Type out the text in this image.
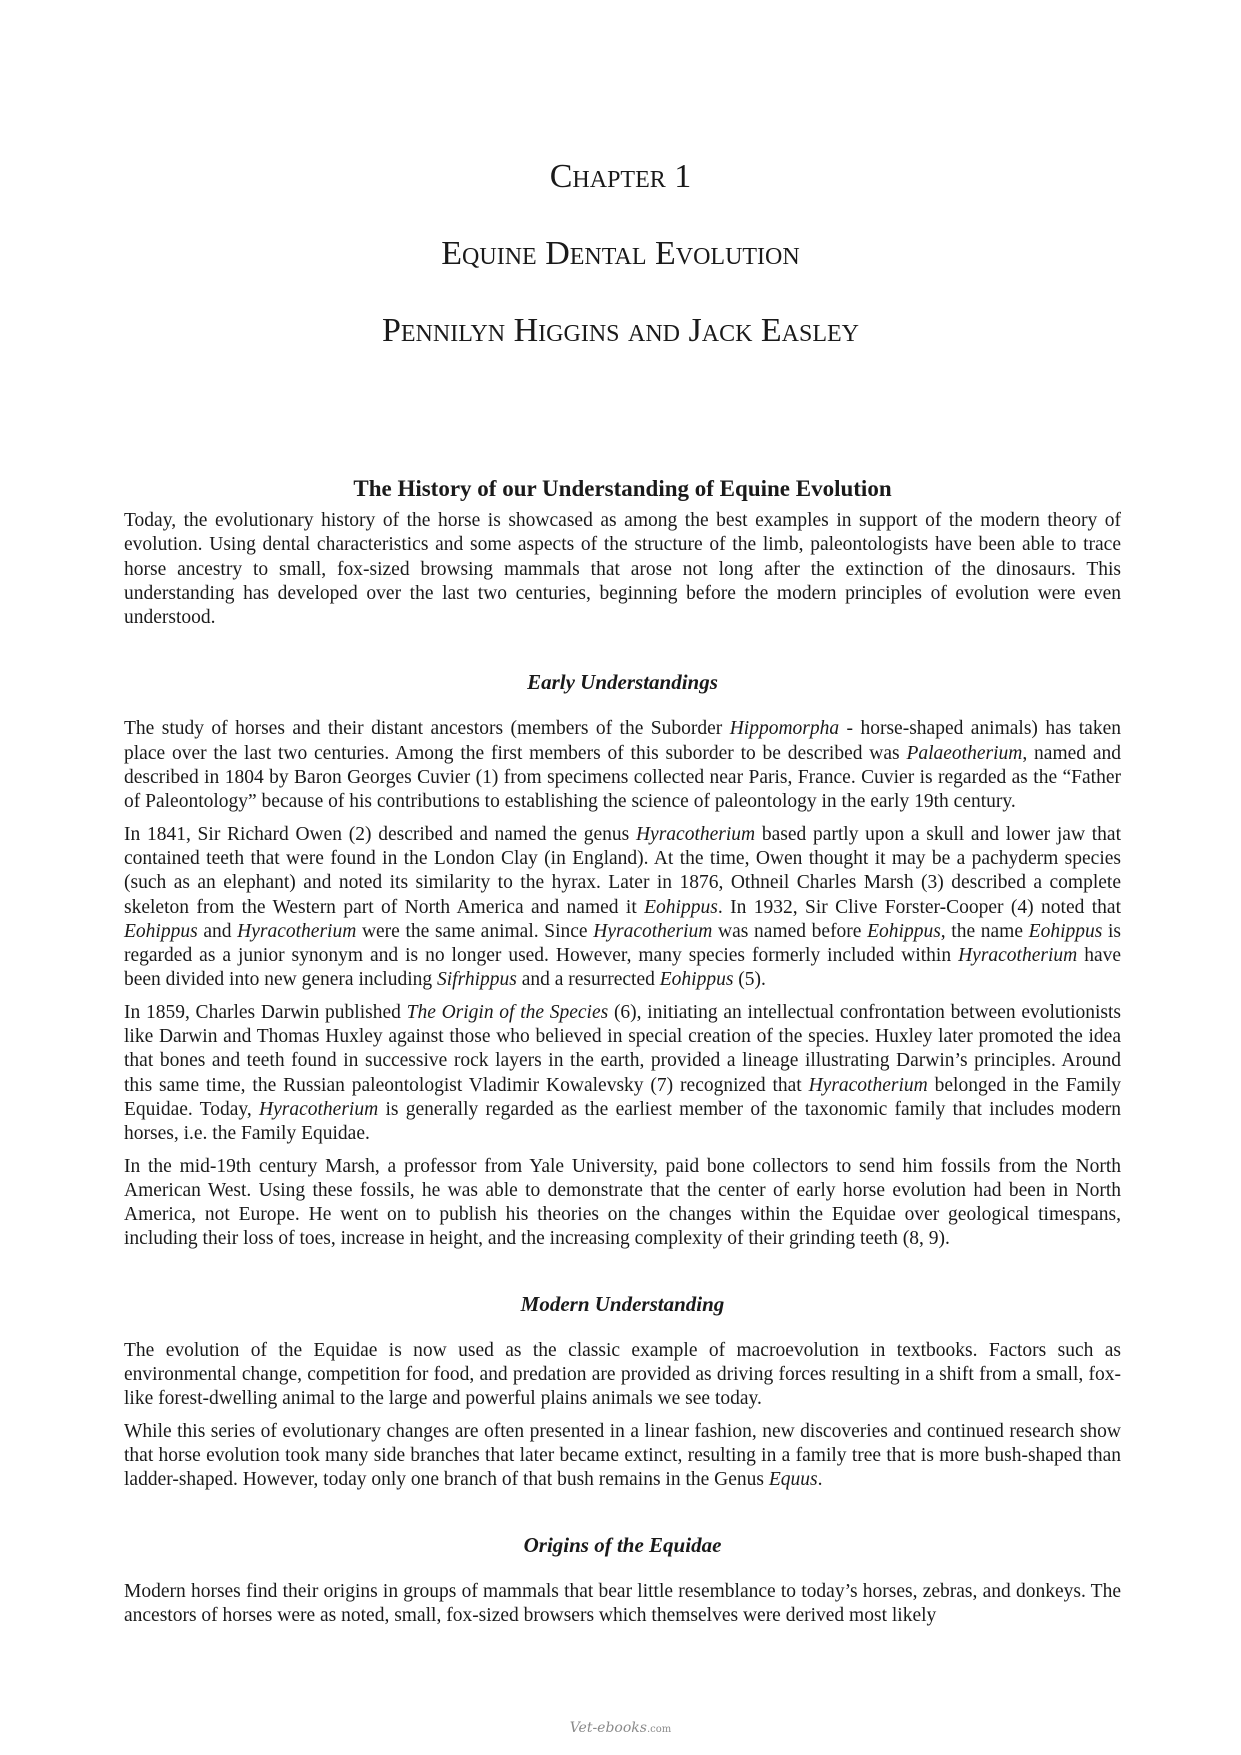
Chapter 1
Equine Dental Evolution
Pennilyn Higgins and Jack Easley
The History of our Understanding of Equine Evolution

Today, the evolutionary history of the horse is showcased as among the best examples in support of the modern theory of evolution. Using dental characteristics and some aspects of the structure of the limb, paleontologists have been able to trace horse ancestry to small, fox-sized browsing mammals that arose not long after the extinction of the dinosaurs. This understanding has developed over the last two centuries, beginning before the modern principles of evolution were even understood.

Early Understandings

The study of horses and their distant ancestors (members of the Suborder Hippomorpha - horse-shaped animals) has taken place over the last two centuries. Among the first members of this suborder to be described was Palaeotherium, named and described in 1804 by Baron Georges Cuvier (1) from specimens collected near Paris, France. Cuvier is regarded as the “Father of Paleontology” because of his contributions to establishing the science of paleontology in the early 19th century.

In 1841, Sir Richard Owen (2) described and named the genus Hyracotherium based partly upon a skull and lower jaw that contained teeth that were found in the London Clay (in England). At the time, Owen thought it may be a pachyderm species (such as an elephant) and noted its similarity to the hyrax. Later in 1876, Othneil Charles Marsh (3) described a complete skeleton from the Western part of North America and named it Eohippus. In 1932, Sir Clive Forster-Cooper (4) noted that Eohippus and Hyracotherium were the same animal. Since Hyracotherium was named before Eohippus, the name Eohippus is regarded as a junior synonym and is no longer used. However, many species formerly included within Hyracotherium have been divided into new genera including Sifrhippus and a resurrected Eohippus (5).

In 1859, Charles Darwin published The Origin of the Species (6), initiating an intellectual confrontation between evolutionists like Darwin and Thomas Huxley against those who believed in special creation of the species. Huxley later promoted the idea that bones and teeth found in successive rock layers in the earth, provided a lineage illustrating Darwin’s principles. Around this same time, the Russian paleontologist Vladimir Kowalevsky (7) recognized that Hyracotherium belonged in the Family Equidae. Today, Hyracotherium is generally regarded as the earliest member of the taxonomic family that includes modern horses, i.e. the Family Equidae.

In the mid-19th century Marsh, a professor from Yale University, paid bone collectors to send him fossils from the North American West. Using these fossils, he was able to demonstrate that the center of early horse evolution had been in North America, not Europe. He went on to publish his theories on the changes within the Equidae over geological timespans, including their loss of toes, increase in height, and the increasing complexity of their grinding teeth (8, 9).

Modern Understanding

The evolution of the Equidae is now used as the classic example of macroevolution in textbooks. Factors such as environmental change, competition for food, and predation are provided as driving forces resulting in a shift from a small, fox-like forest-dwelling animal to the large and powerful plains animals we see today.

While this series of evolutionary changes are often presented in a linear fashion, new discoveries and continued research show that horse evolution took many side branches that later became extinct, resulting in a family tree that is more bush-shaped than ladder-shaped. However, today only one branch of that bush remains in the Genus Equus.

Origins of the Equidae

Modern horses find their origins in groups of mammals that bear little resemblance to today’s horses, zebras, and donkeys. The ancestors of horses were as noted, small, fox-sized browsers which themselves were derived most likely

Vet-ebooks.com
